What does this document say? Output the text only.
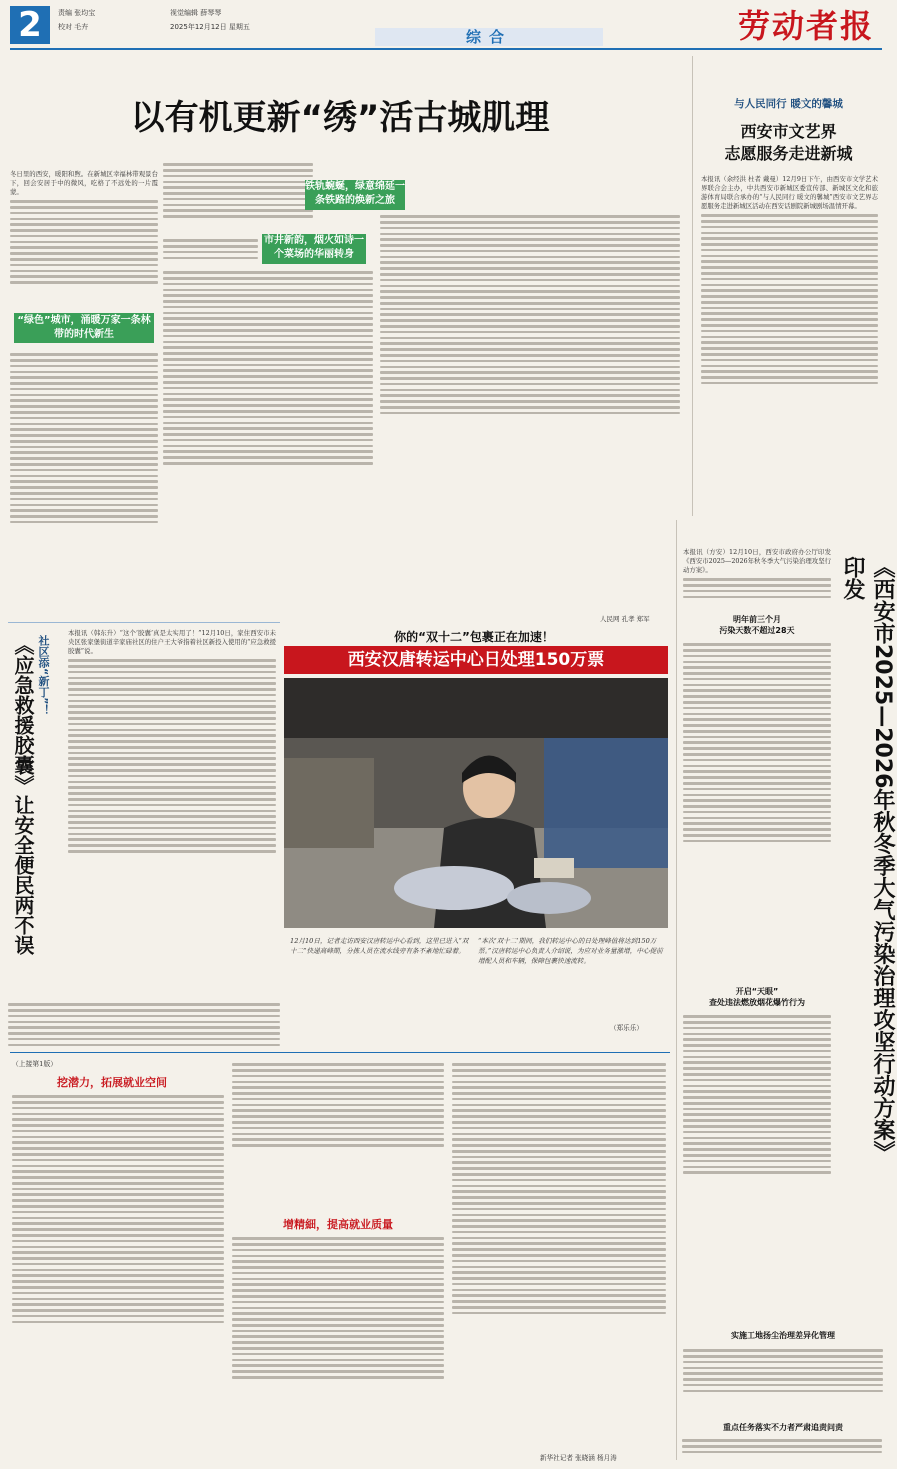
2	责编 张均宝
校对 毛卉
视觉编辑 薛琴琴
2025年12月12日 星期五
综合	劳动者报
以有机更新“绣”活古城肌理
冬日里的西安，暖阳和煦。在新城区幸福林带观景台下，回会安居于中的微风，吃格了不远处的一片霞蒙。
“绿色”城市，涌暖万家一条林带的时代新生
市井新韵，烟火如诗一个菜场的华丽转身
铁轨蜿蜒，绿意绵延一条铁路的焕新之旅
人民网 孔孝 郑军
与人民同行 暖文的馨城
西安市文艺界
志愿服务走进新城
本报讯（余经洪 杜者 戴曼）12月9日下午，由西安市文学艺术界联合会主办，中共西安市新城区委宣传部、新城区文化和旅游体育局联合承办的“与人民同行 暖文的馨城”西安市文艺界志愿服务走进新城区活动在西安话剧院新城剧场温情开幕。
《应急救援胶囊》让安全便民两不误 社区添“新丁”！
本报讯（韩东升）“这个‘胶囊’真是太实用了！”12月10日，家住西安市未央区张家堡街道辛家庙社区的住户王大爷指着社区新投入使用的“应急救援胶囊”说。
你的“双十二”包裹正在加速！
西安汉唐转运中心日处理150万票
12月10日，记者走访西安汉唐转运中心看到，这里已进入“双十二”快递高峰期，分拣人员在流水线旁有条不紊地忙碌着。
“本次‘双十二’期间，我们转运中心的日处理峰值将达到150万票。”汉唐转运中心负责人介绍说，为应对业务量激增，中心提前增配人员和车辆，保障包裹快速流转。
（郑乐乐）	《西安市2025—2026年秋冬季大气污染治理攻坚行动方案》印发
本报讯（方安）12月10日，西安市政府办公厅印发《西安市2025—2026年秋冬季大气污染治理攻坚行动方案》。
明年前三个月
污染天数不超过28天
开启“天眼”
查处违法燃放烟花爆竹行为
实施工地扬尘治理差异化管理
重点任务落实不力者严肃追责问责
（上接第1版）
挖潜力，拓展就业空间
增精細，提高就业质量
新华社记者 张晓涵 杨月涛
